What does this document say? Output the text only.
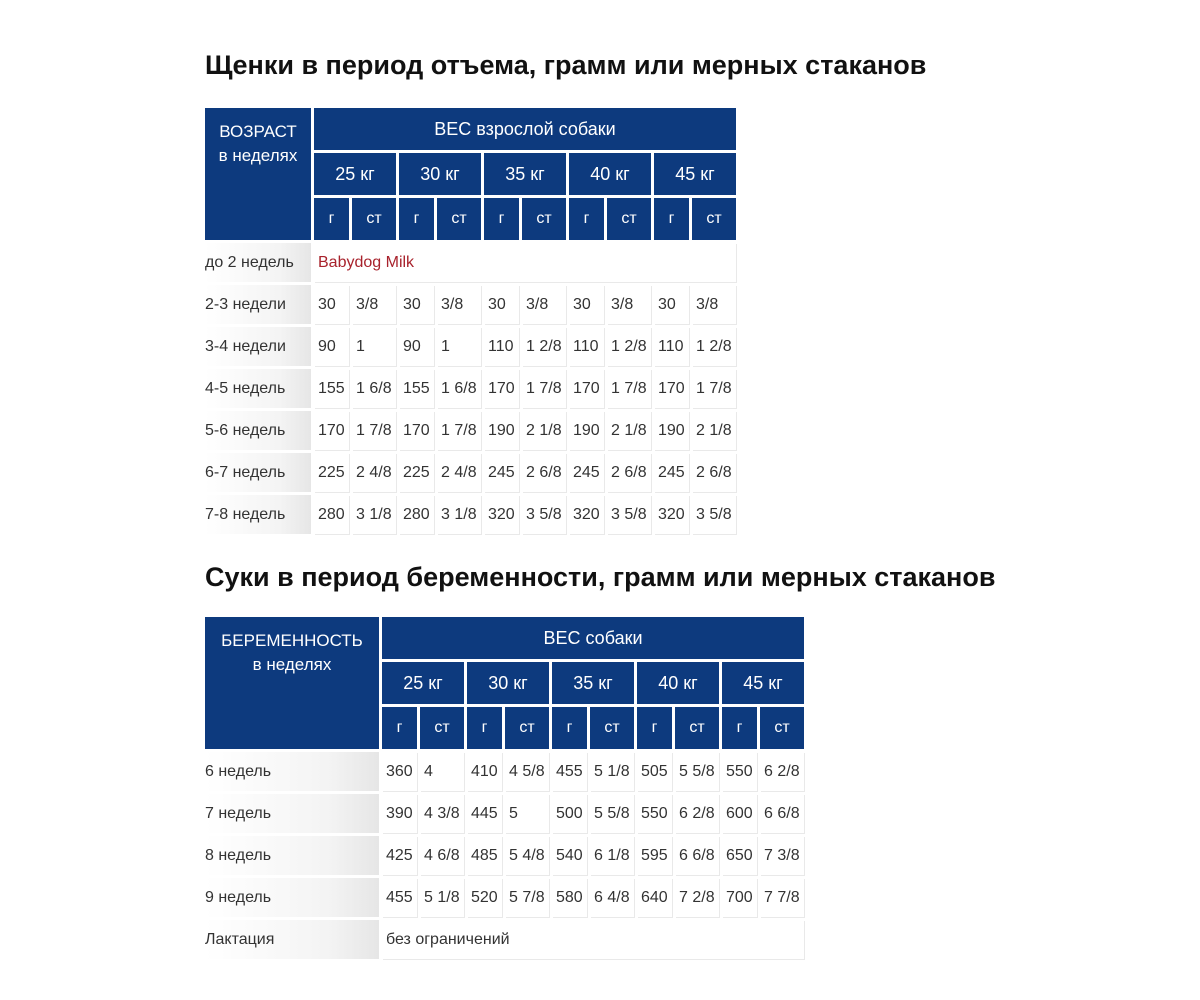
Щенки в период отъема, грамм или мерных стаканов
ВОЗРАСТ
в неделях	ВЕС взрослой собаки									
	25 кг		30 кг		35 кг		40 кг		45 кг	
	г	ст	г	ст	г	ст	г	ст	г	ст
до 2 недель	Babydog Milk									
2-3 недели	30	3/8	30	3/8	30	3/8	30	3/8	30	3/8
3-4 недели	90	1	90	1	110	1 2/8	110	1 2/8	110	1 2/8
4-5 недель	155	1 6/8	155	1 6/8	170	1 7/8	170	1 7/8	170	1 7/8
5-6 недель	170	1 7/8	170	1 7/8	190	2 1/8	190	2 1/8	190	2 1/8
6-7 недель	225	2 4/8	225	2 4/8	245	2 6/8	245	2 6/8	245	2 6/8
7-8 недель	280	3 1/8	280	3 1/8	320	3 5/8	320	3 5/8	320	3 5/8
Суки в период беременности, грамм или мерных стаканов
БЕРЕМЕННОСТЬ
в неделях	ВЕС собаки									
	25 кг		30 кг		35 кг		40 кг		45 кг	
	г	ст	г	ст	г	ст	г	ст	г	ст
6 недель	360	4	410	4 5/8	455	5 1/8	505	5 5/8	550	6 2/8
7 недель	390	4 3/8	445	5	500	5 5/8	550	6 2/8	600	6 6/8
8 недель	425	4 6/8	485	5 4/8	540	6 1/8	595	6 6/8	650	7 3/8
9 недель	455	5 1/8	520	5 7/8	580	6 4/8	640	7 2/8	700	7 7/8
Лактация	без ограничений									
